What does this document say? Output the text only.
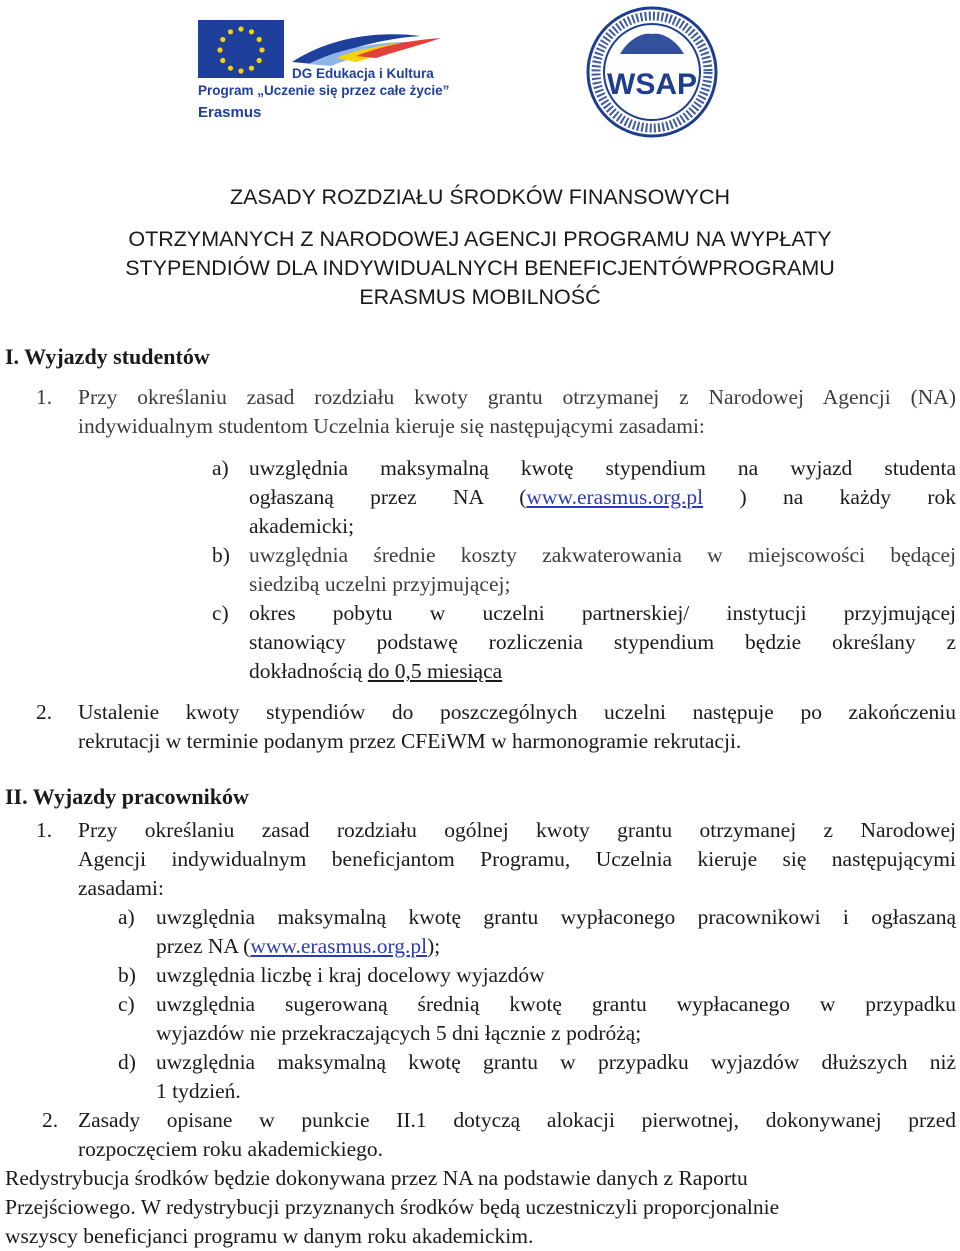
DG Edukacja i Kultura
Program „Uczenie się przez całe życie”
Erasmus
WSAP
ZASADY ROZDZIAŁU ŚRODKÓW FINANSOWYCH
OTRZYMANYCH Z NARODOWEJ AGENCJI PROGRAMU NA WYPŁATY
STYPENDIÓW DLA INDYWIDUALNYCH BENEFICJENTÓWPROGRAMU
ERASMUS MOBILNOŚĆ
I. Wyjazdy studentów
1. Przy określaniu zasad rozdziału kwoty grantu otrzymanej z Narodowej Agencji (NA)
indywidualnym studentom Uczelnia kieruje się następującymi zasadami:
a) uwzględnia maksymalną kwotę stypendium na wyjazd studenta
ogłaszaną przez NA (www.erasmus.org.pl ) na każdy rok
akademicki;
b) uwzględnia średnie koszty zakwaterowania w miejscowości będącej
siedzibą uczelni przyjmującej;
c) okres pobytu w uczelni partnerskiej/ instytucji przyjmującej
stanowiący podstawę rozliczenia stypendium będzie określany z
dokładnością do 0,5 miesiąca
2. Ustalenie kwoty stypendiów do poszczególnych uczelni następuje po zakończeniu
rekrutacji w terminie podanym przez CFEiWM w harmonogramie rekrutacji.
II. Wyjazdy pracowników
1. Przy określaniu zasad rozdziału ogólnej kwoty grantu otrzymanej z Narodowej
Agencji indywidualnym beneficjantom Programu, Uczelnia kieruje się następującymi
zasadami:
a) uwzględnia maksymalną kwotę grantu wypłaconego pracownikowi i ogłaszaną
przez NA (www.erasmus.org.pl);
b) uwzględnia liczbę i kraj docelowy wyjazdów
c) uwzględnia sugerowaną średnią kwotę grantu wypłacanego w przypadku
wyjazdów nie przekraczających 5 dni łącznie z podróżą;
d) uwzględnia maksymalną kwotę grantu w przypadku wyjazdów dłuższych niż
1 tydzień.
2. Zasady opisane w punkcie II.1 dotyczą alokacji pierwotnej, dokonywanej przed
rozpoczęciem roku akademickiego.
Redystrybucja środków będzie dokonywana przez NA na podstawie danych z Raportu
Przejściowego. W redystrybucji przyznanych środków będą uczestniczyli proporcjonalnie
wszyscy beneficjanci programu w danym roku akademickim.
